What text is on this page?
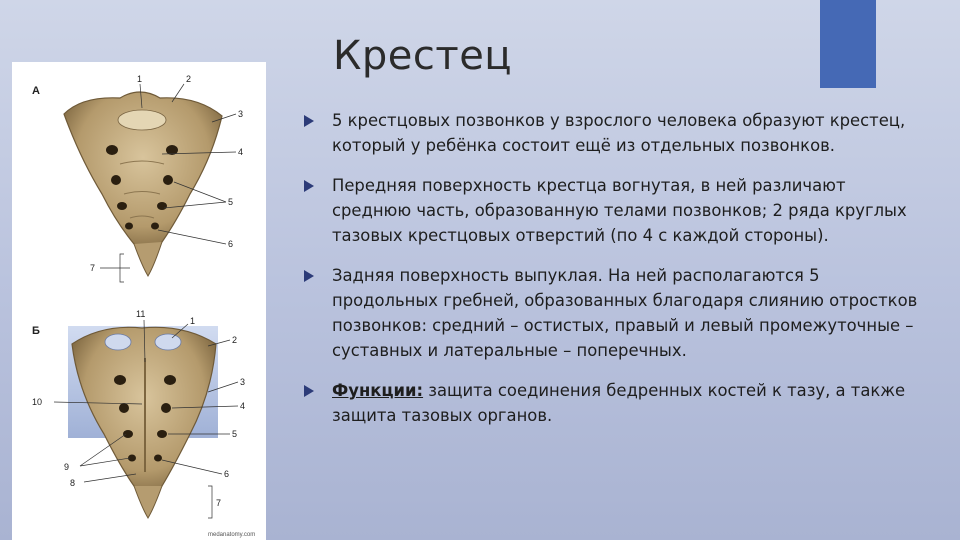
Крестец
А
1	2
3
4
5
6
7
Б
11
1
2
3
4
5
6
7
8
9
10
medanatomy.com
5 крестцовых позвонков у взрослого человека образуют крестец, который у ребёнка состоит ещё из отдельных позвонков.
Передняя поверхность крестца вогнутая, в ней различают среднюю часть, образованную телами позвонков; 2 ряда круглых тазовых крестцовых отверстий (по 4 с каждой стороны).
Задняя поверхность выпуклая. На ней располагаются 5 продольных гребней, образованных благодаря слиянию отростков позвонков: средний – остистых, правый и левый промежуточные – суставных и латеральные – поперечных.
Функции: защита соединения бедренных костей к тазу, а также защита тазовых органов.
